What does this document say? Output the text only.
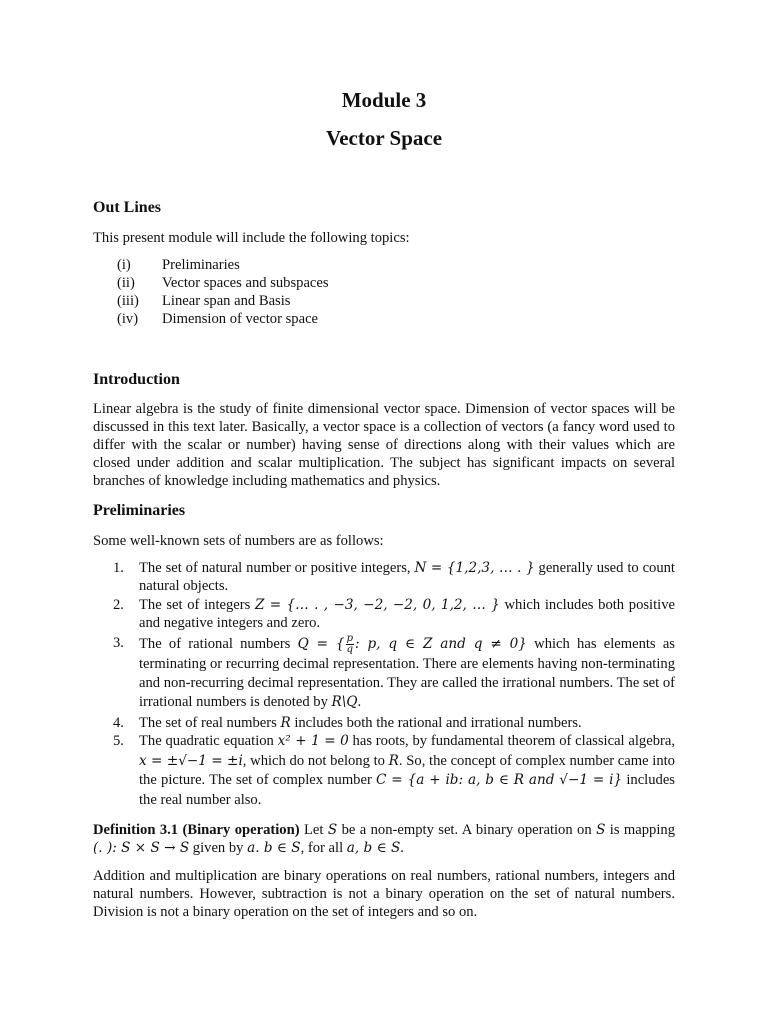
Module 3
Vector Space
Out Lines
This present module will include the following topics:
(i) Preliminaries
(ii) Vector spaces and subspaces
(iii) Linear span and Basis
(iv) Dimension of vector space
Introduction
Linear algebra is the study of finite dimensional vector space. Dimension of vector spaces will be discussed in this text later. Basically, a vector space is a collection of vectors (a fancy word used to differ with the scalar or number) having sense of directions along with their values which are closed under addition and scalar multiplication. The subject has significant impacts on several branches of knowledge including mathematics and physics.
Preliminaries
Some well-known sets of numbers are as follows:
1. The set of natural number or positive integers, N = {1,2,3, … . } generally used to count natural objects.
2. The set of integers Z = {… . , −3, −2, −2, 0, 1,2, … } which includes both positive and negative integers and zero.
3. The of rational numbers Q = { $\frac{p}{q}$ : p, q ∈ Z and q ≠ 0} which has elements as terminating or recurring decimal representation. There are elements having non-terminating and non-recurring decimal representation. They are called the irrational numbers. The set of irrational numbers is denoted by R\Q.
4. The set of real numbers R includes both the rational and irrational numbers.
5. The quadratic equation x² + 1 = 0 has roots, by fundamental theorem of classical algebra, x = ±√−1 = ±i, which do not belong to R. So, the concept of complex number came into the picture. The set of complex number C = {a + ib: a, b ∈ R and √−1 = i} includes the real number also.
Definition 3.1 (Binary operation) Let S be a non-empty set. A binary operation on S is mapping (. ): S × S → S given by a. b ∈ S, for all a, b ∈ S.
Addition and multiplication are binary operations on real numbers, rational numbers, integers and natural numbers. However, subtraction is not a binary operation on the set of natural numbers. Division is not a binary operation on the set of integers and so on.
